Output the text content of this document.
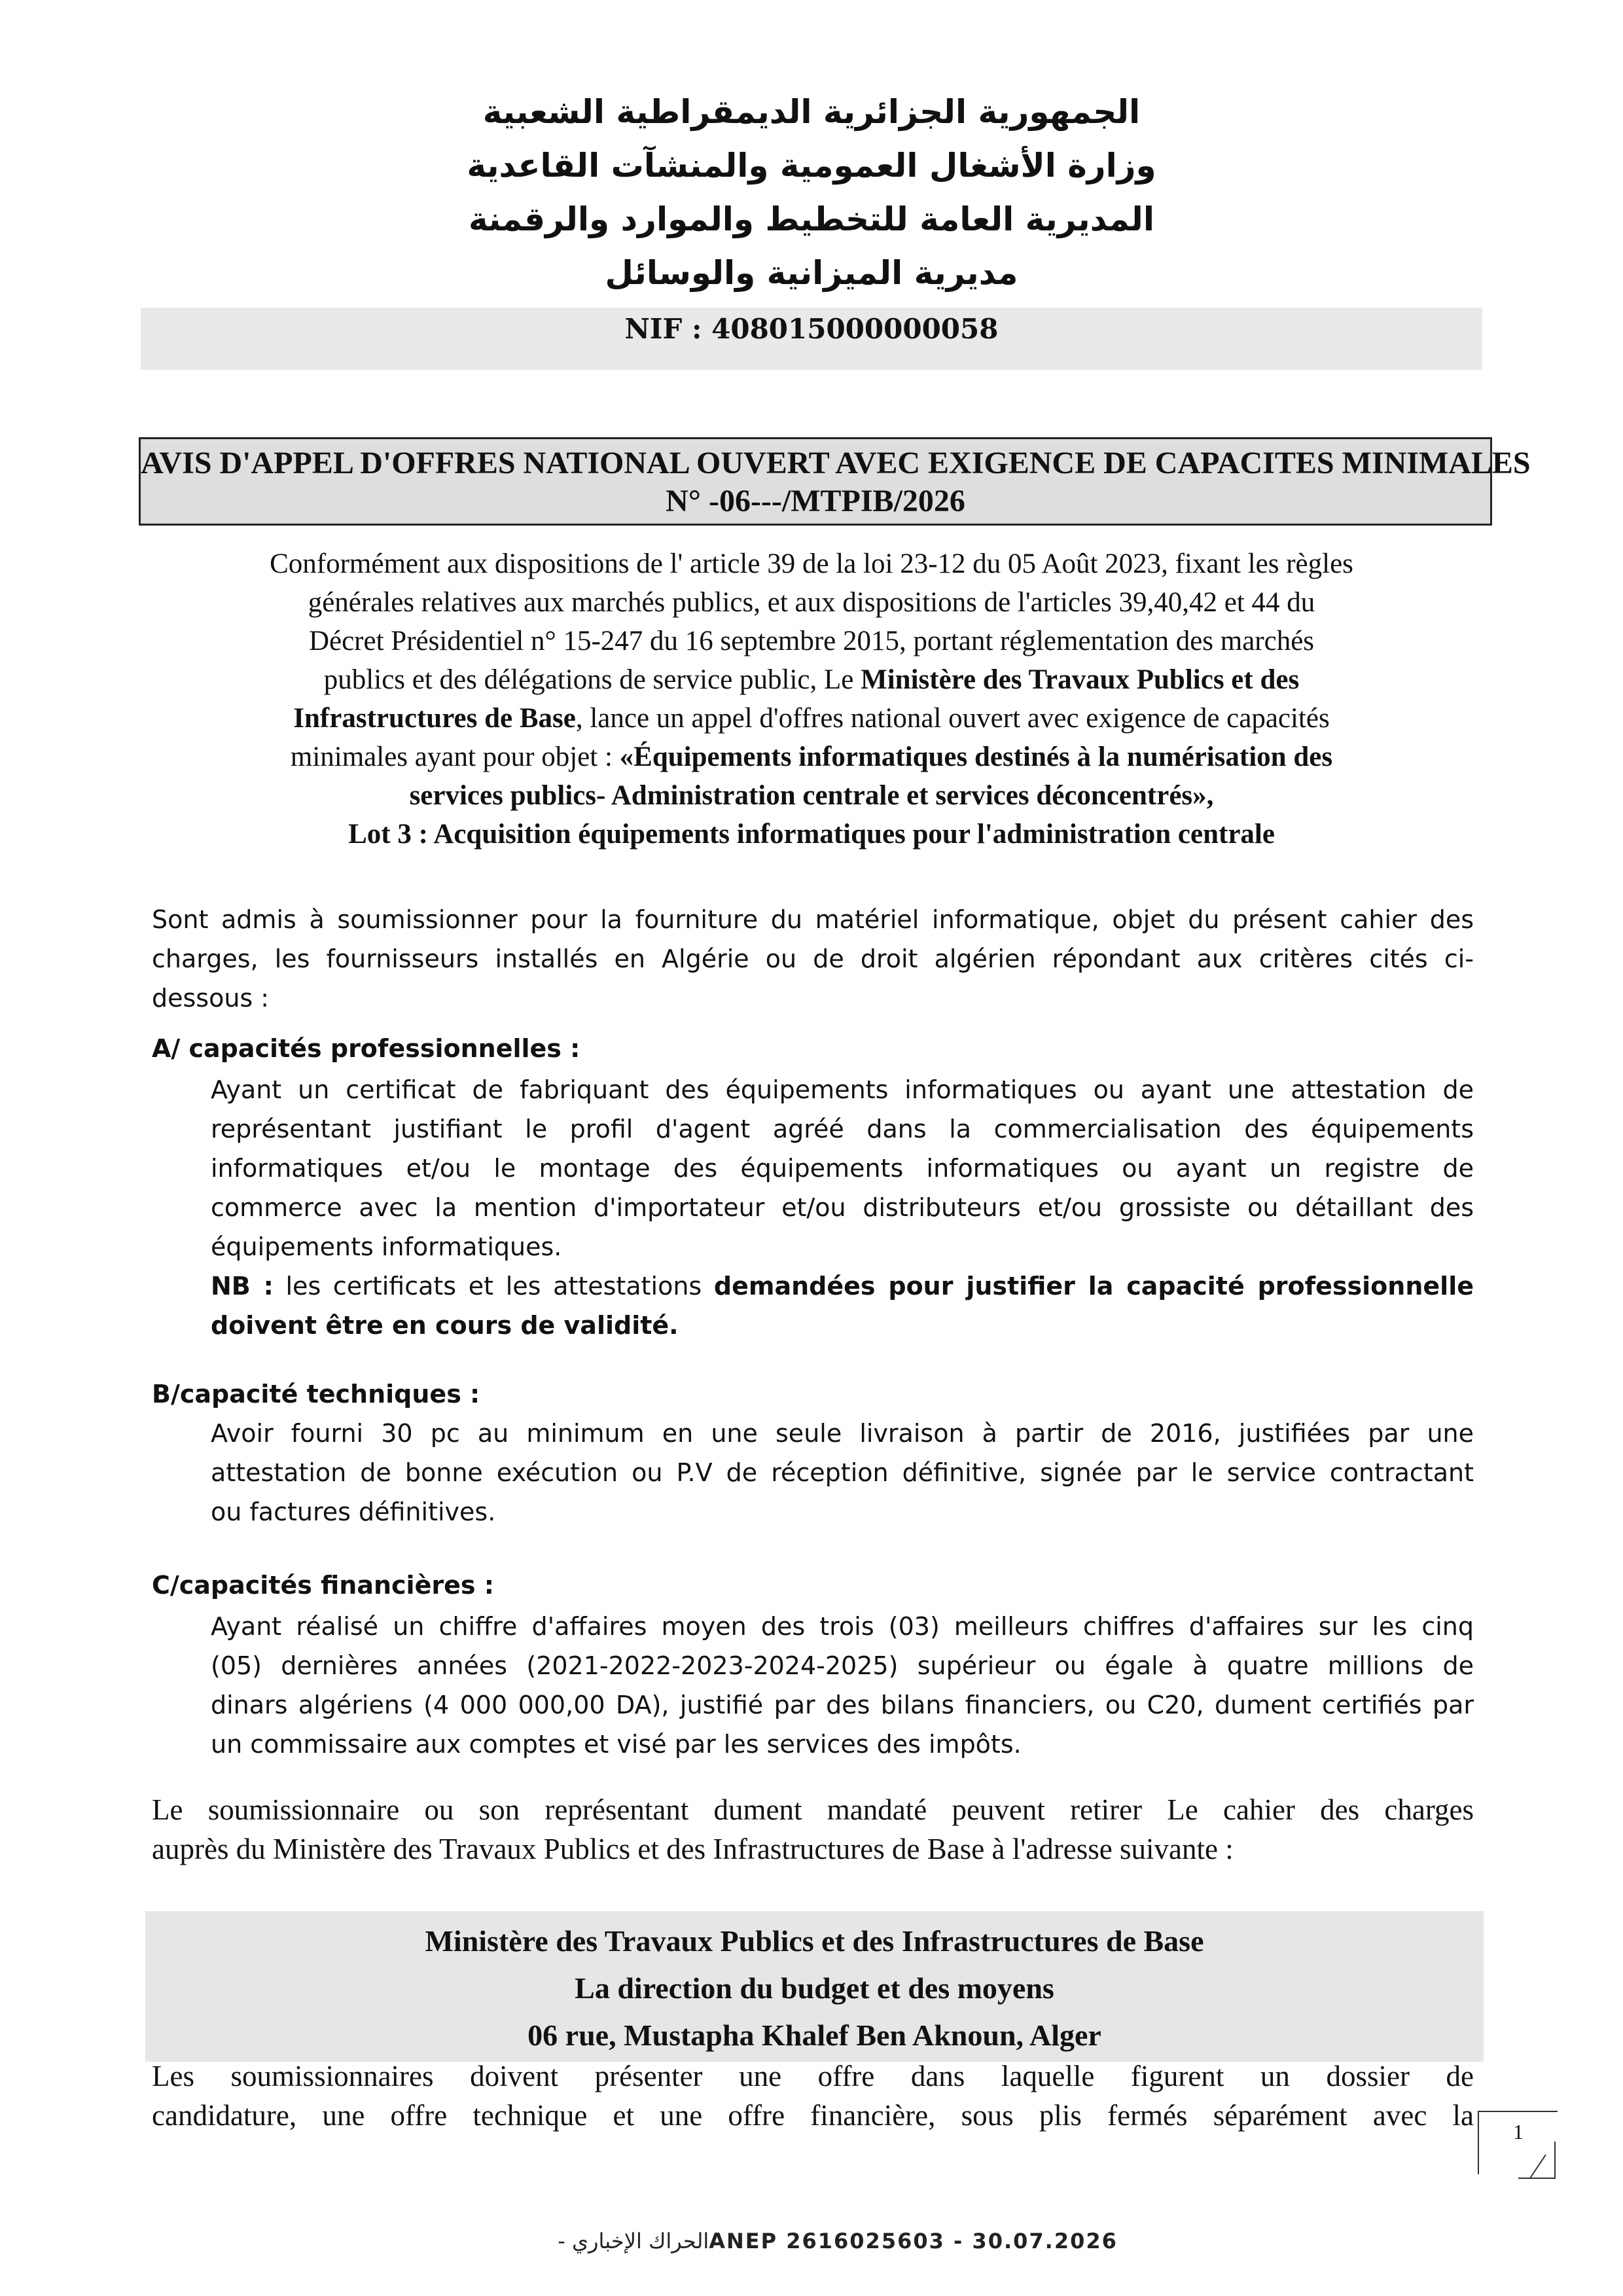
الجمهورية الجزائرية الديمقراطية الشعبية
وزارة الأشغال العمومية والمنشآت القاعدية
المديرية العامة للتخطيط والموارد والرقمنة
مديرية الميزانية والوسائل
NIF : 408015000000058
AVIS D'APPEL D'OFFRES NATIONAL OUVERT AVEC EXIGENCE DE CAPACITES MINIMALES
N° -06---/MTPIB/2026
Conformément aux dispositions de l' article 39 de la loi 23-12 du 05 Août 2023, fixant les règles
générales relatives aux marchés publics, et aux dispositions de l'articles 39,40,42 et 44 du
Décret Présidentiel n° 15-247 du 16 septembre 2015, portant réglementation des marchés
publics et des délégations de service public, Le Ministère des Travaux Publics et des
Infrastructures de Base, lance un appel d'offres national ouvert avec exigence de capacités
minimales ayant pour objet : «Équipements informatiques destinés à la numérisation des
services publics- Administration centrale et services déconcentrés»,
Lot 3 : Acquisition équipements informatiques pour l'administration centrale
Sont admis à soumissionner pour la fourniture du matériel informatique, objet du présent cahier des
charges, les fournisseurs installés en Algérie ou de droit algérien répondant aux critères cités ci-
dessous :
A/ capacités professionnelles :
Ayant un certificat de fabriquant des équipements informatiques ou ayant une attestation de
représentant justifiant le profil d'agent agréé dans la commercialisation des équipements
informatiques et/ou le montage des équipements informatiques ou ayant un registre de
commerce avec la mention d'importateur et/ou distributeurs et/ou grossiste ou détaillant des
équipements informatiques.
NB : les certificats et les attestations demandées pour justifier la capacité professionnelle
doivent être en cours de validité.
B/capacité techniques :
Avoir fourni 30 pc au minimum en une seule livraison à partir de 2016, justifiées par une
attestation de bonne exécution ou P.V de réception définitive, signée par le service contractant
ou factures définitives.
C/capacités financières :
Ayant réalisé un chiffre d'affaires moyen des trois (03) meilleurs chiffres d'affaires sur les cinq
(05) dernières années (2021-2022-2023-2024-2025) supérieur ou égale à quatre millions de
dinars algériens (4 000 000,00 DA), justifié par des bilans financiers, ou C20, dument certifiés par
un commissaire aux comptes et visé par les services des impôts.
Le soumissionnaire ou son représentant dument mandaté peuvent retirer Le cahier des charges
auprès du Ministère des Travaux Publics et des Infrastructures de Base à l'adresse suivante :
Ministère des Travaux Publics et des Infrastructures de Base
La direction du budget et des moyens
06 rue, Mustapha Khalef Ben Aknoun, Alger
Les soumissionnaires doivent présenter une offre dans laquelle figurent un dossier de
candidature, une offre technique et une offre financière, sous plis fermés séparément avec la	1
الحراك الإخباري - ANEP 2616025603 - 30.07.2026
